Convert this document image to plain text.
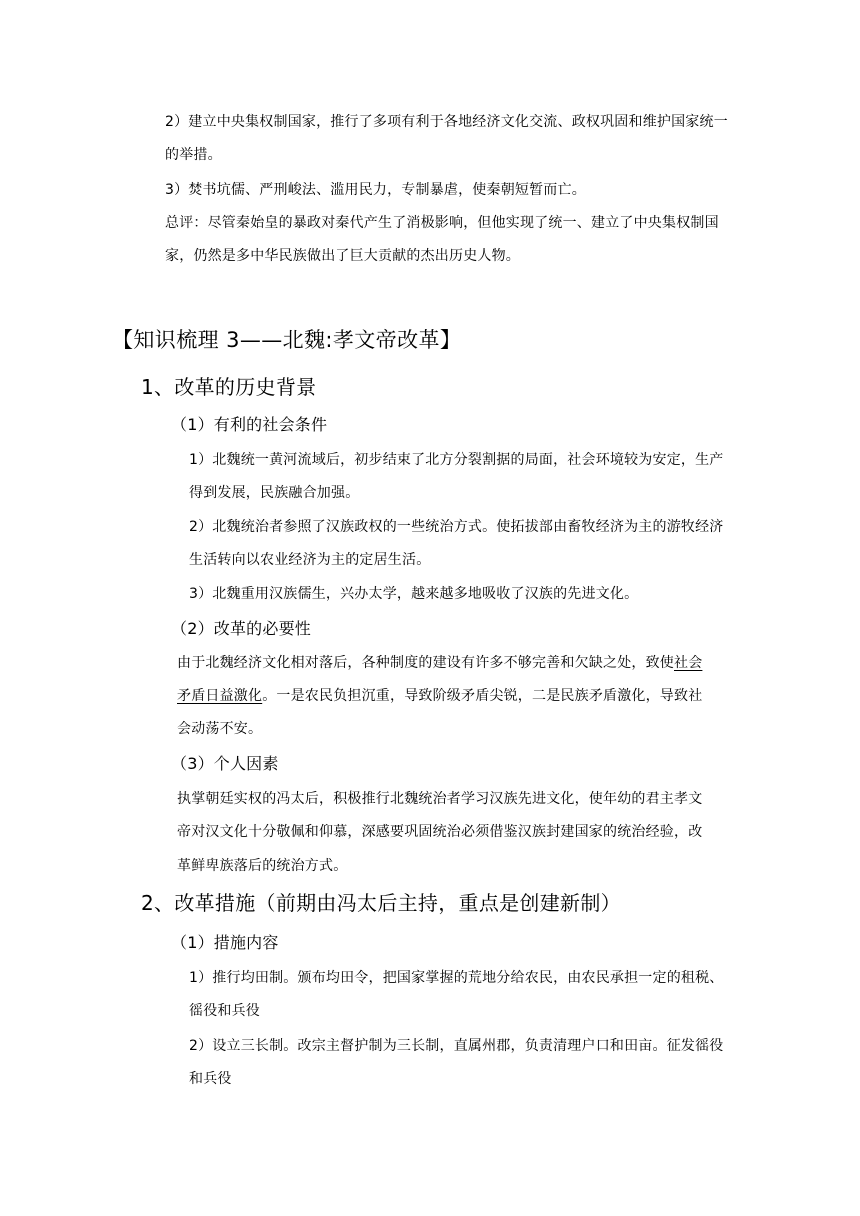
2）建立中央集权制国家，推行了多项有利于各地经济文化交流、政权巩固和维护国家统一
的举措。
3）焚书坑儒、严刑峻法、滥用民力，专制暴虐，使秦朝短暂而亡。
总评：尽管秦始皇的暴政对秦代产生了消极影响，但他实现了统一、建立了中央集权制国
家，仍然是多中华民族做出了巨大贡献的杰出历史人物。
【知识梳理 3——北魏:孝文帝改革】
1、改革的历史背景
（1）有利的社会条件
1）北魏统一黄河流域后，初步结束了北方分裂割据的局面，社会环境较为安定，生产
得到发展，民族融合加强。
2）北魏统治者参照了汉族政权的一些统治方式。使拓拔部由畜牧经济为主的游牧经济
生活转向以农业经济为主的定居生活。
3）北魏重用汉族儒生，兴办太学，越来越多地吸收了汉族的先进文化。
（2）改革的必要性
由于北魏经济文化相对落后，各种制度的建设有许多不够完善和欠缺之处，致使社会
矛盾日益激化。一是农民负担沉重，导致阶级矛盾尖锐，二是民族矛盾激化，导致社
会动荡不安。
（3）个人因素
执掌朝廷实权的冯太后，积极推行北魏统治者学习汉族先进文化，使年幼的君主孝文
帝对汉文化十分敬佩和仰慕，深感要巩固统治必须借鉴汉族封建国家的统治经验，改
革鲜卑族落后的统治方式。
2、改革措施（前期由冯太后主持，重点是创建新制）
（1）措施内容
1）推行均田制。颁布均田令，把国家掌握的荒地分给农民，由农民承担一定的租税、
徭役和兵役
2）设立三长制。改宗主督护制为三长制，直属州郡，负责清理户口和田亩。征发徭役
和兵役
